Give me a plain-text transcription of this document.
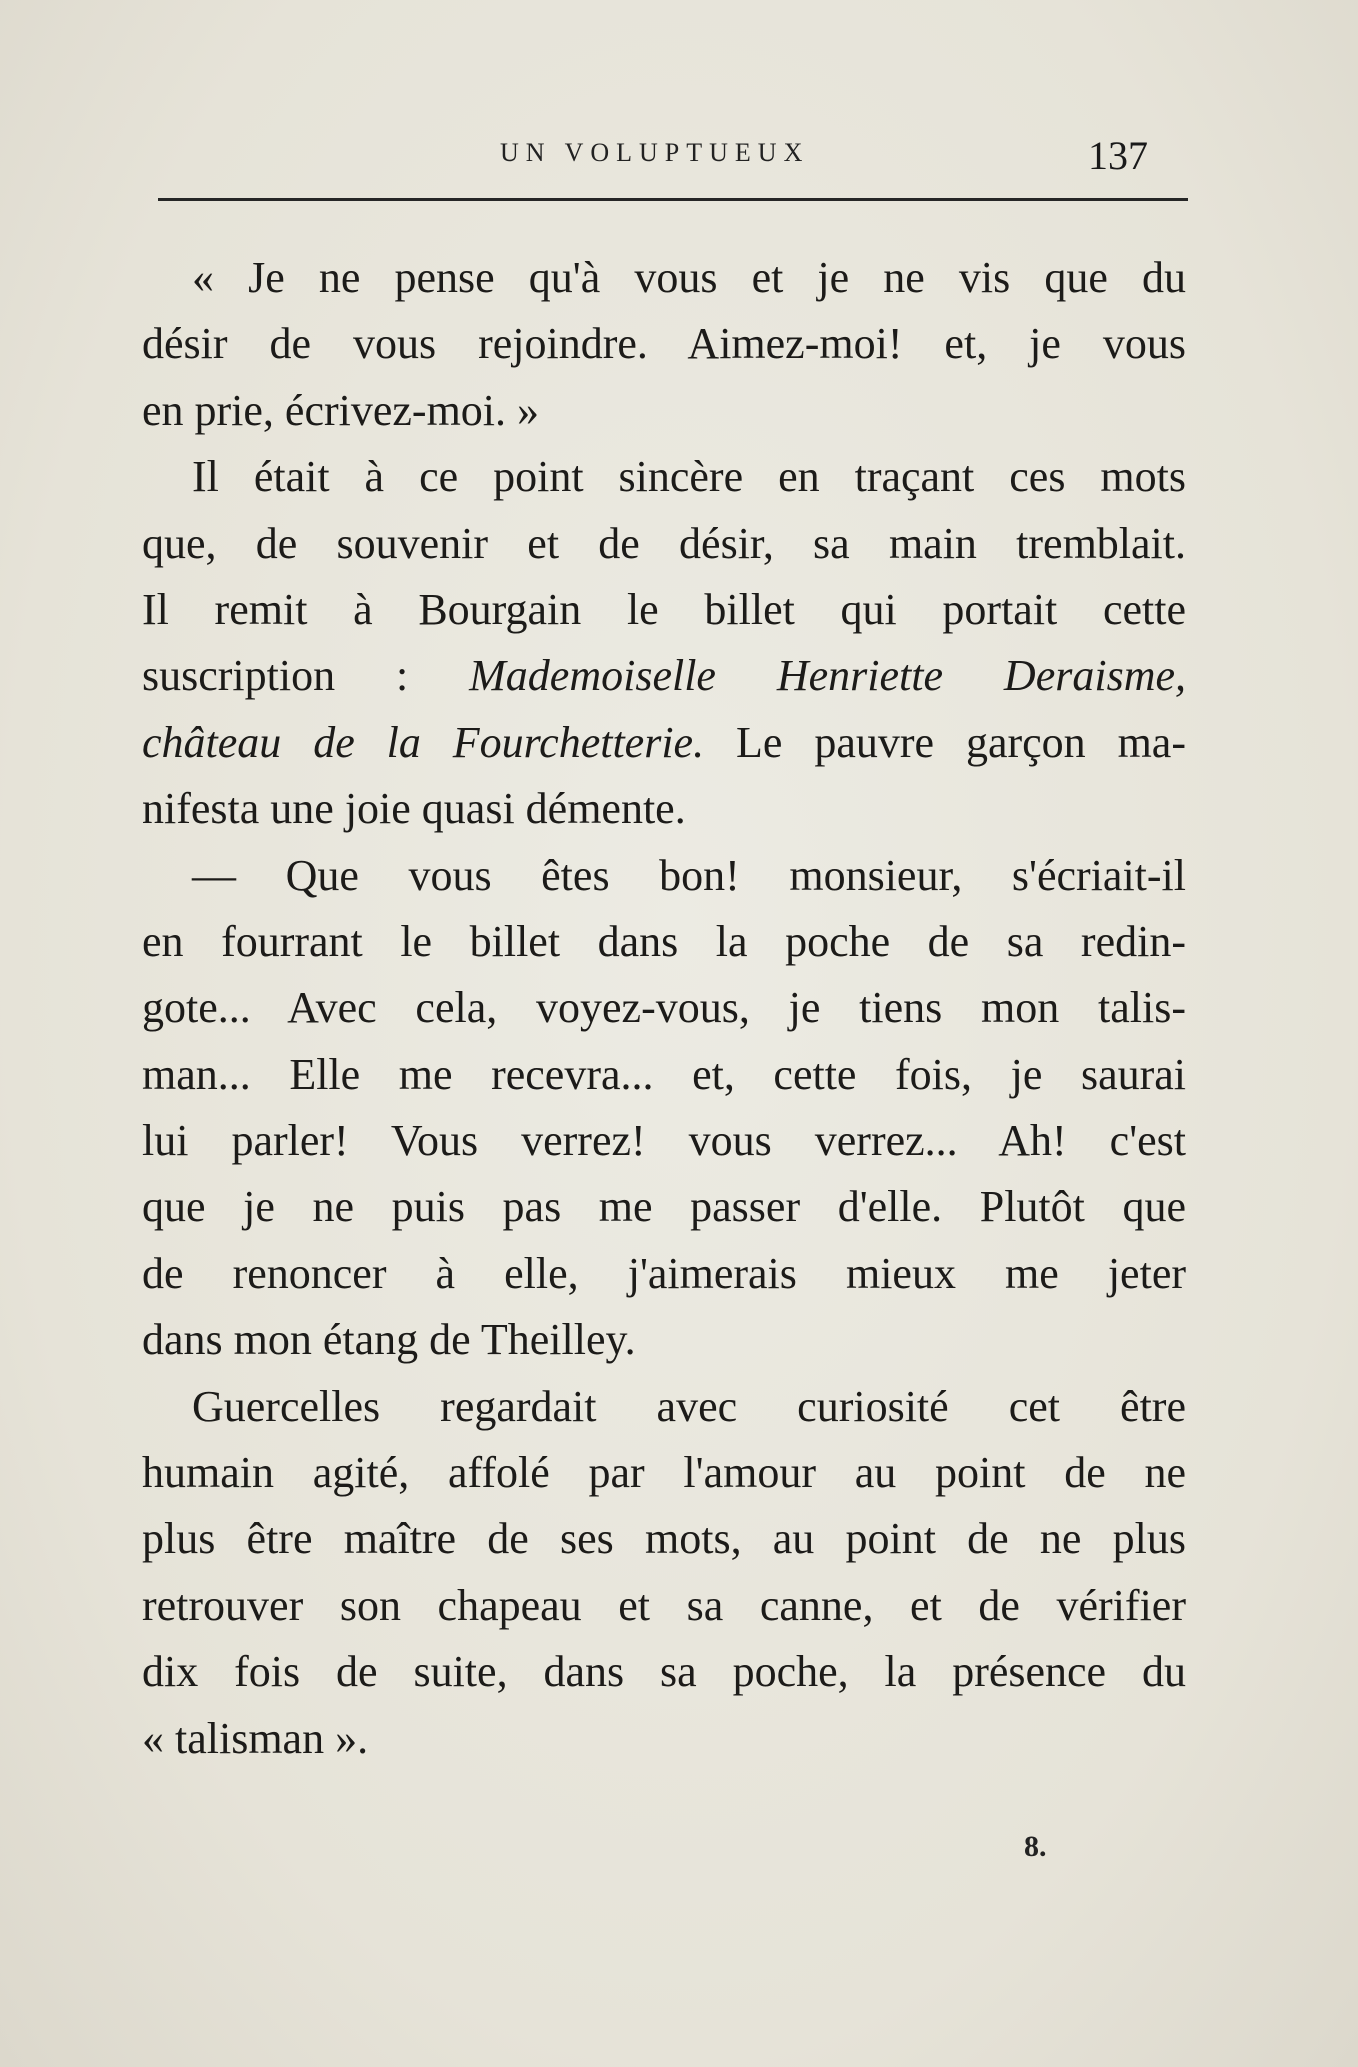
UN VOLUPTUEUX	137
« Je ne pense qu'à vous et je ne vis que du
désir de vous rejoindre. Aimez-moi! et, je vous
en prie, écrivez-moi. »
Il était à ce point sincère en traçant ces mots
que, de souvenir et de désir, sa main tremblait.
Il remit à Bourgain le billet qui portait cette
suscription : Mademoiselle Henriette Deraisme,
château de la Fourchetterie. Le pauvre garçon ma-
nifesta une joie quasi démente.
— Que vous êtes bon! monsieur, s'écriait-il
en fourrant le billet dans la poche de sa redin-
gote... Avec cela, voyez-vous, je tiens mon talis-
man... Elle me recevra... et, cette fois, je saurai
lui parler! Vous verrez! vous verrez... Ah! c'est
que je ne puis pas me passer d'elle. Plutôt que
de renoncer à elle, j'aimerais mieux me jeter
dans mon étang de Theilley.
Guercelles regardait avec curiosité cet être
humain agité, affolé par l'amour au point de ne
plus être maître de ses mots, au point de ne plus
retrouver son chapeau et sa canne, et de vérifier
dix fois de suite, dans sa poche, la présence du
« talisman ».
8.
